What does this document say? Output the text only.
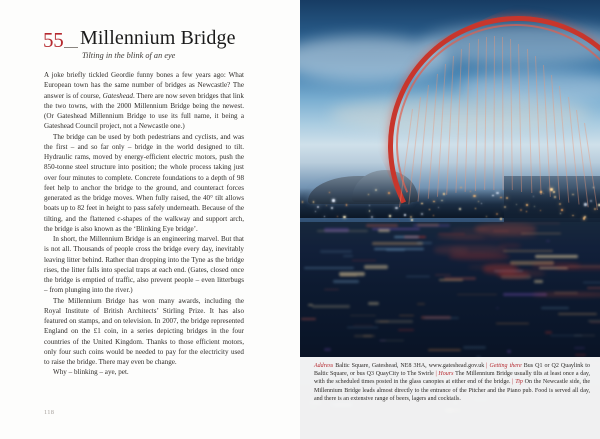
55 Millennium Bridge
Tilting in the blink of an eye

A joke briefly tickled Geordie funny bones a few years ago: What European town has the same number of bridges as Newcastle? The answer is of course, Gateshead. There are now seven bridges that link the two towns, with the 2000 Millennium Bridge being the newest. (Or Gateshead Millennium Bridge to use its full name, it being a Gateshead Council project, not a Newcastle one.)

The bridge can be used by both pedestrians and cyclists, and was the first – and so far only – bridge in the world designed to tilt. Hydraulic rams, moved by energy-efficient electric motors, push the 850-tonne steel structure into position; the whole process taking just over four minutes to complete. Concrete foundations to a depth of 98 feet help to anchor the bridge to the ground, and counteract forces generated as the bridge moves. When fully raised, the 40° tilt allows boats up to 82 feet in height to pass safely underneath. Because of the tilting, and the flattened c-shapes of the walkway and support arch, the bridge is also known as the ‘Blinking Eye bridge’.

In short, the Millennium Bridge is an engineering marvel. But that is not all. Thousands of people cross the bridge every day, inevitably leaving litter behind. Rather than dropping into the Tyne as the bridge rises, the litter falls into special traps at each end. (Gates, closed once the bridge is emptied of traffic, also prevent people – even litterbugs – from plunging into the river.)

The Millennium Bridge has won many awards, including the Royal Institute of British Architects’ Stirling Prize. It has also featured on stamps, and on television. In 2007, the bridge represented England on the £1 coin, in a series depicting bridges in the four countries of the United Kingdom. Thanks to those efficient motors, only four such coins would be needed to pay for the electricity used to raise the bridge. There may even be change.

Why – blinking – aye, pet.

118

Address Baltic Square, Gateshead, NE8 3HA, www.gateshead.gov.uk | Getting there Bus Q1 or Q2 Quaylink to Baltic Square, or bus Q3 QuayCity to The Swirle | Hours The Millennium Bridge usually tilts at least once a day, with the scheduled times posted in the glass canopies at either end of the bridge. | Tip On the Newcastle side, the Millennium Bridge leads almost directly to the entrance of the Pitcher and the Piano pub. Food is served all day, and there is an extensive range of beers, lagers and cocktails.
